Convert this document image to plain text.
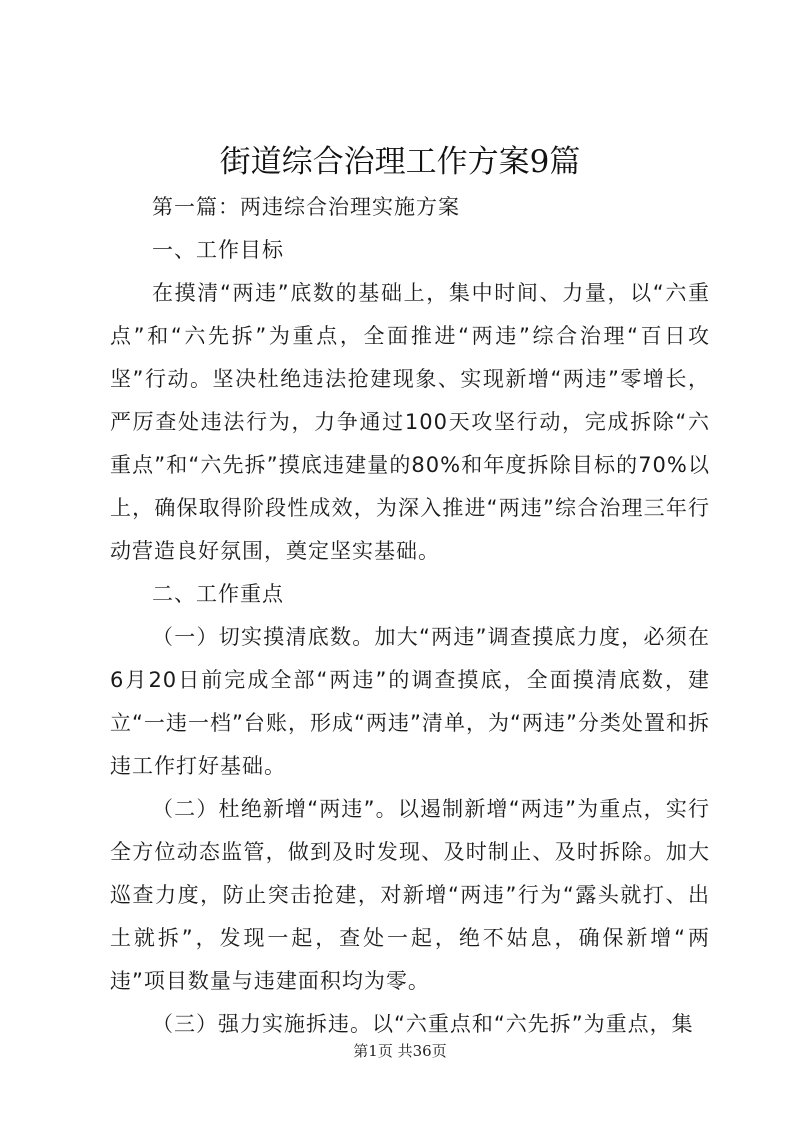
街道综合治理工作方案9篇

第一篇：两违综合治理实施方案

一、工作目标

在摸清“两违”底数的基础上，集中时间、力量，以“六重点”和“六先拆”为重点，全面推进“两违”综合治理“百日攻坚”行动。坚决杜绝违法抢建现象、实现新增“两违”零增长，严厉查处违法行为，力争通过100天攻坚行动，完成拆除“六重点”和“六先拆”摸底违建量的80%和年度拆除目标的70%以上，确保取得阶段性成效，为深入推进“两违”综合治理三年行动营造良好氛围，奠定坚实基础。

二、工作重点

（一）切实摸清底数。加大“两违”调查摸底力度，必须在6月20日前完成全部“两违”的调查摸底，全面摸清底数，建立“一违一档”台账，形成“两违”清单，为“两违”分类处置和拆违工作打好基础。

（二）杜绝新增“两违”。以遏制新增“两违”为重点，实行全方位动态监管，做到及时发现、及时制止、及时拆除。加大巡查力度，防止突击抢建，对新增“两违”行为“露头就打、出土就拆”，发现一起，查处一起，绝不姑息，确保新增“两违”项目数量与违建面积均为零。

（三）强力实施拆违。以“六重点和“六先拆”为重点，集

第1页 共36页
